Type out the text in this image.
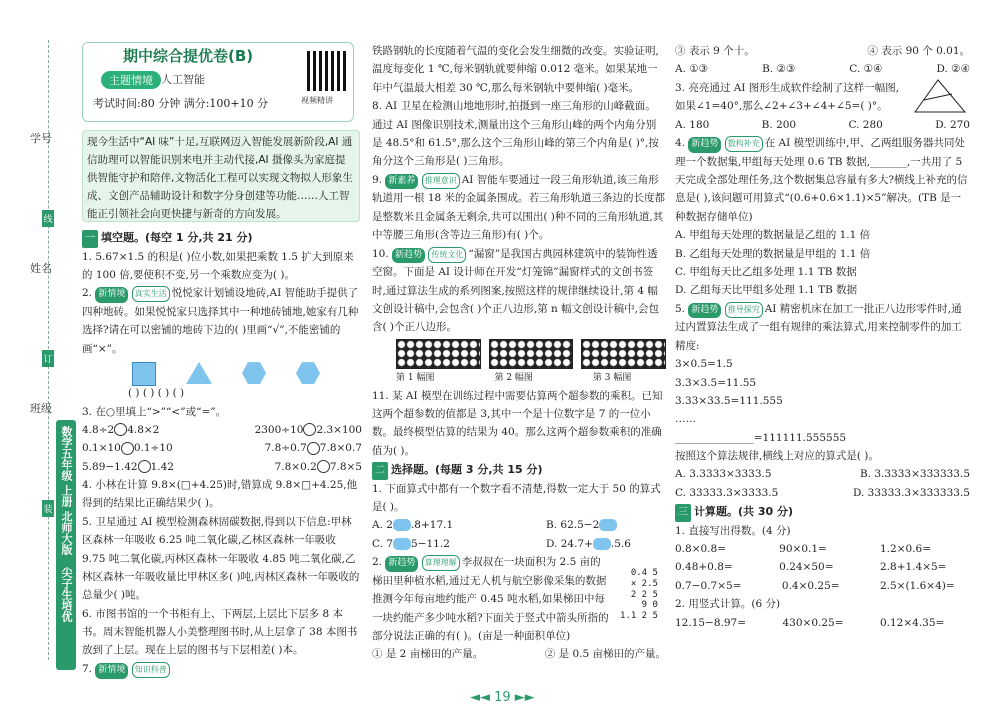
学号
姓名
班级
线
订
装 数学五年级 上册 北师大版
尖子生培优
期中综合提优卷(B)
主题情境 人工智能
考试时间:80 分钟 满分:100+10 分	视频精讲
现今生活中“AI 味”十足,互联网迈入智能发展新阶段,AI 通信助理可以智能识别来电并主动代接,AI 摄像头为家庭提供智能守护和陪伴,文物活化工程可以实现文物拟人形象生成、文创产品辅助设计和数字分身创建等功能……人工智能正引领社会向更快捷与新奇的方向发展。

一 填空题。(每空 1 分,共 21 分)

1. 5.67×1.5 的积是( )位小数,如果把乘数 1.5 扩大到原来的 100 倍,要使积不变,另一个乘数应变为( )。

2. 新情境 真实生活 悦悦家计划铺设地砖,AI 智能助手提供了四种地砖。如果悦悦家只选择其中一种地砖铺地,她家有几种选择?请在可以密铺的地砖下边的( )里画“√”,不能密铺的画“×”。

( ) ( ) ( ) ( )

3. 在○里填上“>”“<”或“=”。

4.8÷2 4.8×2	2300÷10 2.3×100
0.1×10 0.1÷10	7.8÷0.7 7.8×0.7
5.89−1.42 1.42	7.8×0.2 7.8×5

4. 小林在计算 9.8×(□+4.25)时,错算成 9.8×□+4.25,他得到的结果比正确结果少( )。

5. 卫星通过 AI 模型检测森林固碳数据,得到以下信息:甲林区森林一年吸收 6.25 吨二氧化碳,乙林区森林一年吸收 9.75 吨二氧化碳,丙林区森林一年吸收 4.85 吨二氧化碳,乙林区森林一年吸收量比甲林区多( )吨,丙林区森林一年吸收的总量少( )吨。

6. 市图书馆的一个书柜有上、下两层,上层比下层多 8 本书。周末智能机器人小美整理图书时,从上层拿了 38 本图书放到了上层。现在上层的图书与下层相差( )本。

7. 新情境 知识科普

铁路钢轨的长度随着气温的变化会发生细微的改变。实验证明,温度每变化 1 ℃,每米钢轨就要伸缩 0.012 毫米。如果某地一年中气温最大相差 30 ℃,那么每米钢轨中要伸缩( )毫米。

8. AI 卫星在检测山地地形时,拍摄到一座三角形的山峰截面。通过 AI 图像识别技术,测量出这个三角形山峰的两个内角分别是 48.5°和 61.5°,那么这个三角形山峰的第三个内角是( )°,按角分这个三角形是( )三角形。

9. 新素养 推理意识 AI 智能车要通过一段三角形轨道,该三角形轨道用一根 18 米的金属条围成。若三角形轨道三条边的长度都是整数米且金属条无剩余,共可以围出( )种不同的三角形轨道,其中等腰三角形(含等边三角形)有( )个。

10. 新趋势 传统文化 “漏窗”是我国古典园林建筑中的装饰性透空窗。下面是 AI 设计师在开发“灯笼锦”漏窗样式的文创书签时,通过算法生成的系列图案,按照这样的规律继续设计,第 4 幅文创设计稿中,会包含( )个正八边形,第 n 幅文创设计稿中,会包含( )个正八边形。

第 1 幅图	第 2 幅图	第 3 幅图

11. 某 AI 模型在训练过程中需要估算两个超参数的乘积。已知这两个超参数的值都是 3,其中一个是十位数字是 7 的一位小数。最终模型估算的结果为 40。那么这两个超参数乘积的准确值为( )。

二 选择题。(每题 3 分,共 15 分)

1. 下面算式中都有一个数字看不清楚,得数一定大于 50 的算式是( )。

A. 2 .8+17.1	B. 62.5−2
C. 7 5−11.2	D. 24.7+ .5.6

2. 新趋势 算理理解 李叔叔在一块面积为 2.5 亩的梯田里种植水稻,通过无人机与航空影像采集的数据推测今年每亩地约能产 0.45 吨水稻,如果梯田中每一块约能产多少吨水稻?下面关于竖式中箭头所指的部分说法正确的有( )。(亩是一种面积单位)

① 是 2 亩梯田的产量。	② 是 0.5 亩梯田的产量。
0.4 5
× 2.5
2 2 5
9 0
1.1 2 5
③ 表示 9 个十。	④ 表示 90 个 0.01。
A. ①③	B. ②③	C. ①④	D. ②④

3. 亮亮通过 AI 图形生成软件绘制了这样一幅图,如果∠1=40°,那么∠2+∠3+∠4+∠5=( )°。

A. 180	B. 200	C. 280	D. 270

4. 新趋势 数构补充 在 AI 模型训练中,甲、乙两组服务器共同处理一个数据集,甲组每天处理 0.6 TB 数据,_______,一共用了 5 天完成全部处理任务,这个数据集总容量有多大?横线上补充的信息是( ),该问题可用算式“(0.6+0.6×1.1)×5”解决。(TB 是一种数据存储单位)

A. 甲组每天处理的数据量是乙组的 1.1 倍

B. 乙组每天处理的数据量是甲组的 1.1 倍

C. 甲组每天比乙组多处理 1.1 TB 数据

D. 乙组每天比甲组多处理 1.1 TB 数据

5. 新趋势 推导探究 AI 精密机床在加工一批正八边形零件时,通过内置算法生成了一组有规律的乘法算式,用来控制零件的加工精度:

3×0.5=1.5

3.3×3.5=11.55

3.33×33.5=111.555

……

_______________=111111.555555

按照这个算法规律,横线上对应的算式是( )。

A. 3.3333×3333.5	B. 3.3333×333333.5
C. 33333.3×3333.5	D. 33333.3×333333.5

三 计算题。(共 30 分)

1. 直接写出得数。(4 分)

0.8×0.8=	90×0.1=	1.2×0.6=
0.48+0.8=	0.24×50=	2.8+1.4×5=
0.7−0.7×5=	0.4×0.25=	2.5×(1.6×4)=

2. 用竖式计算。(6 分)

12.15−8.97=	430×0.25=	0.12×4.35=
◄◄ 19 ►►
